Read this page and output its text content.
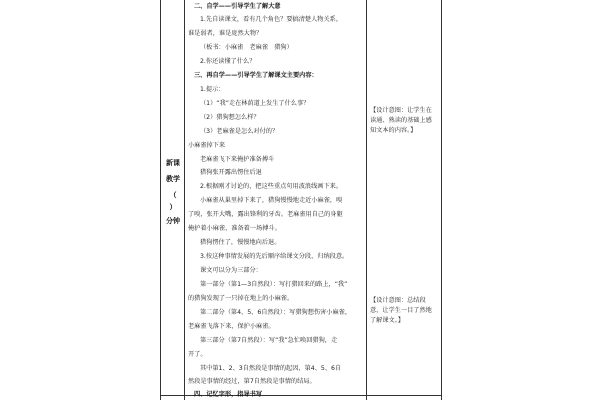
新课
教学
（
）
分钟
二、自学——引导学生了解大意
1.先自读课文，看有几个角色？要搞清楚人物关系，
谁是弱者，谁是庞然大物？
（板书：小麻雀　老麻雀　猎狗）
2.你还读懂了什么？
三、再自学——引导学生了解课文主要内容：
1.提示：
（1）“我”走在林荫道上发生了什么事？
（2）猎狗想怎么样？
（3）老麻雀是怎么对付的？
小麻雀掉下来
老麻雀飞下来掩护准备搏斗
猎狗张开露出愣住后退
2.根据刚才讨论的，把这些重点句用波浪线画下来。
小麻雀从巢里掉下来了，猎狗慢慢地走近小麻雀，嗅
了嗅，张开大嘴，露出锋利的牙齿。老麻雀用自己的身躯
掩护着小麻雀，准备着一场搏斗。
猎狗愣住了，慢慢地向后退。
3.按这种事情发展的先后顺序给课文分段，归纳段意。
课文可以分为三部分：
第一部分（第1—3自然段）：写打猎回来的路上，“我”
的猎狗发现了一只掉在地上的小麻雀。
第二部分（第4、5、6自然段）：写猎狗想伤害小麻雀，
老麻雀飞落下来，保护小麻雀。
第三部分（第7自然段）：写“我”急忙唤回猎狗，走
开了。
其中第1、2、3自然段是事情的起因，第4、5、6自
然段是事情的经过，第7自然段是事情的结局。
四、记忆字形，指导书写
【设计意图：让学生在
读通、熟读的基础上感
知文本的内容。】
【设计意图：总结段
意，让学生一目了然地
了解课文。】
